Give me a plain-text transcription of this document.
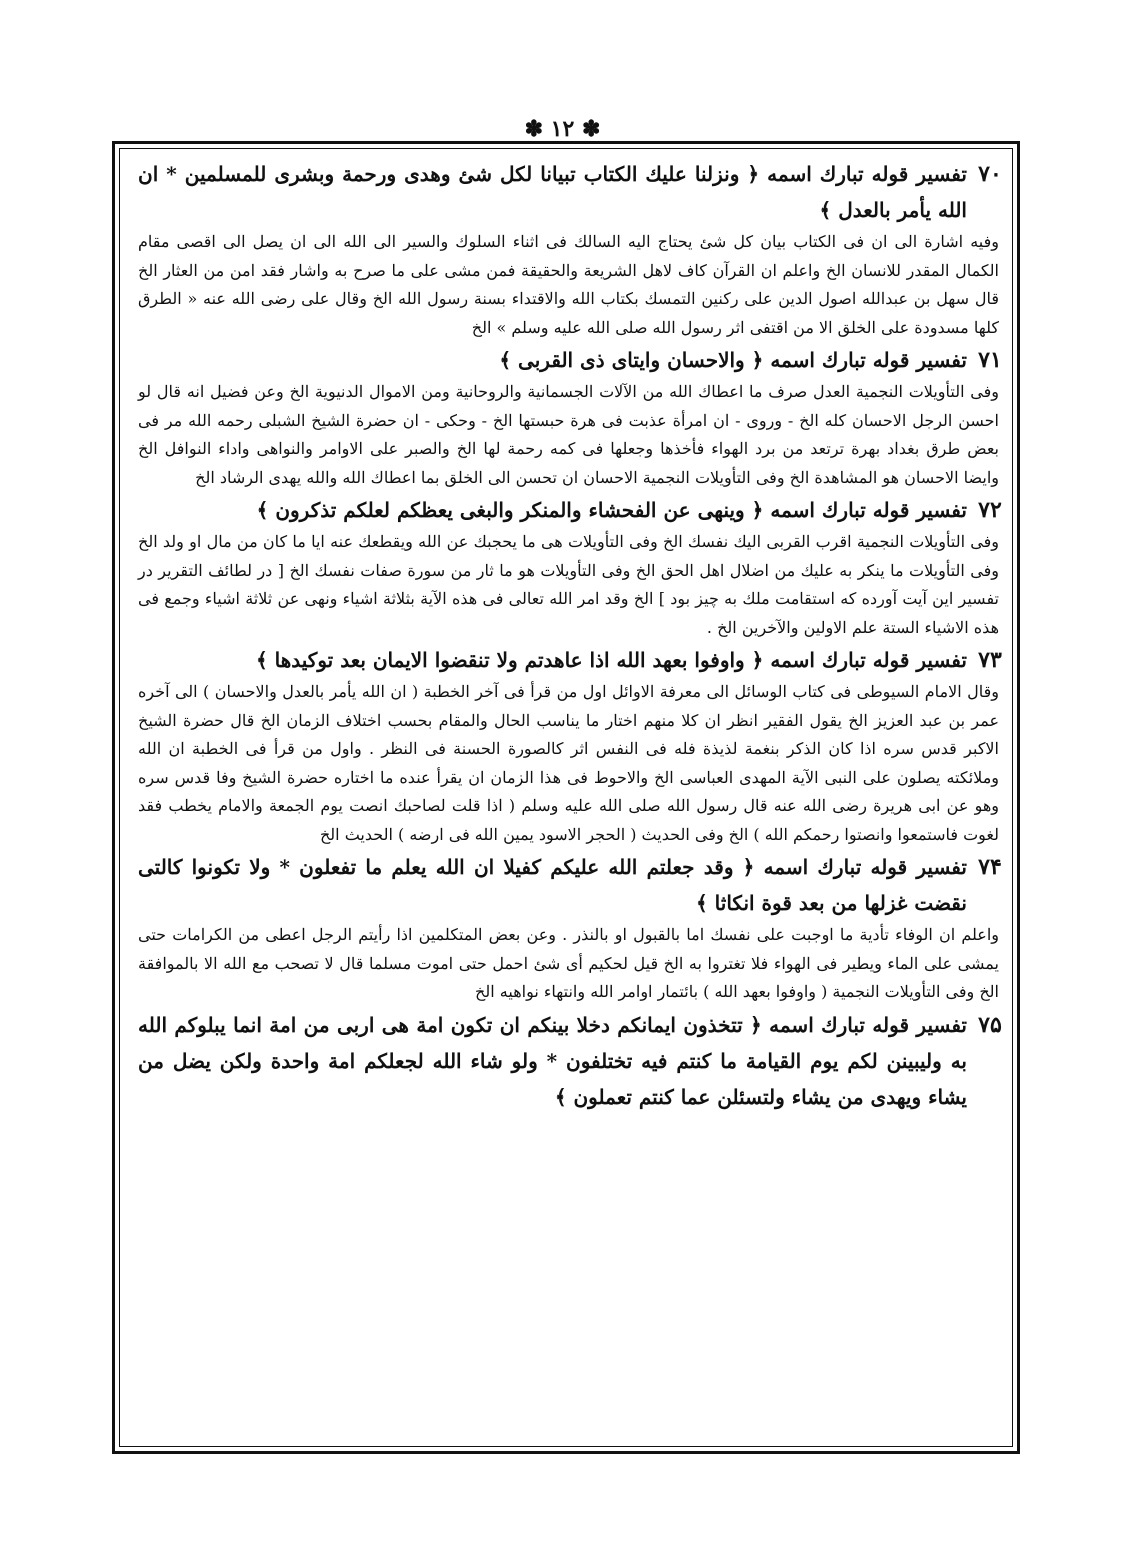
✽ ۱۲ ✽
۷۰
تفسير قوله تبارك اسمه ﴿ ونزلنا عليك الكتاب تبيانا لكل شئ وهدى ورحمة وبشرى للمسلمين * ان الله يأمر بالعدل ﴾
وفيه اشارة الى ان فى الكتاب بيان كل شئ يحتاج اليه السالك فى اثناء السلوك والسير الى الله الى ان يصل الى اقصى مقام الكمال المقدر للانسان الخ واعلم ان القرآن كاف لاهل الشريعة والحقيقة فمن مشى على ما صرح به واشار فقد امن من العثار الخ قال سهل بن عبدالله اصول الدين على ركنين التمسك بكتاب الله والاقتداء بسنة رسول الله الخ وقال على رضى الله عنه « الطرق كلها مسدودة على الخلق الا من اقتفى اثر رسول الله صلى الله عليه وسلم » الخ
۷۱
تفسير قوله تبارك اسمه ﴿ والاحسان وايتاى ذى القربى ﴾
وفى التأويلات النجمية العدل صرف ما اعطاك الله من الآلات الجسمانية والروحانية ومن الاموال الدنيوية الخ وعن فضيل انه قال لو احسن الرجل الاحسان كله الخ - وروى - ان امرأة عذبت فى هرة حبستها الخ - وحكى - ان حضرة الشيخ الشبلى رحمه الله مر فى بعض طرق بغداد بهرة ترتعد من برد الهواء فأخذها وجعلها فى كمه رحمة لها الخ والصبر على الاوامر والنواهى واداء النوافل الخ وايضا الاحسان هو المشاهدة الخ وفى التأويلات النجمية الاحسان ان تحسن الى الخلق بما اعطاك الله والله يهدى الرشاد الخ
۷۲
تفسير قوله تبارك اسمه ﴿ وينهى عن الفحشاء والمنكر والبغى يعظكم لعلكم تذكرون ﴾
وفى التأويلات النجمية اقرب القربى اليك نفسك الخ وفى التأويلات هى ما يحجبك عن الله ويقطعك عنه ايا ما كان من مال او ولد الخ وفى التأويلات ما ينكر به عليك من اضلال اهل الحق الخ وفى التأويلات هو ما ثار من سورة صفات نفسك الخ [ در لطائف التقرير در تفسير اين آيت آورده كه استقامت ملك به چيز بود ] الخ وقد امر الله تعالى فى هذه الآية بثلاثة اشياء ونهى عن ثلاثة اشياء وجمع فى هذه الاشياء الستة علم الاولين والآخرين الخ .
۷۳
تفسير قوله تبارك اسمه ﴿ واوفوا بعهد الله اذا عاهدتم ولا تنقضوا الايمان بعد توكيدها ﴾
وقال الامام السيوطى فى كتاب الوسائل الى معرفة الاوائل اول من قرأ فى آخر الخطبة ( ان الله يأمر بالعدل والاحسان ) الى آخره عمر بن عبد العزيز الخ يقول الفقير انظر ان كلا منهم اختار ما يناسب الحال والمقام بحسب اختلاف الزمان الخ قال حضرة الشيخ الاكبر قدس سره اذا كان الذكر بنغمة لذيذة فله فى النفس اثر كالصورة الحسنة فى النظر . واول من قرأ فى الخطبة ان الله وملائكته يصلون على النبى الآية المهدى العباسى الخ والاحوط فى هذا الزمان ان يقرأ عنده ما اختاره حضرة الشيخ وفا قدس سره وهو عن ابى هريرة رضى الله عنه قال رسول الله صلى الله عليه وسلم ( اذا قلت لصاحبك انصت يوم الجمعة والامام يخطب فقد لغوت فاستمعوا وانصتوا رحمكم الله ) الخ وفى الحديث ( الحجر الاسود يمين الله فى ارضه ) الحديث الخ
۷۴
تفسير قوله تبارك اسمه ﴿ وقد جعلتم الله عليكم كفيلا ان الله يعلم ما تفعلون * ولا تكونوا كالتى نقضت غزلها من بعد قوة انكاثا ﴾
واعلم ان الوفاء تأدية ما اوجبت على نفسك اما بالقبول او بالنذر . وعن بعض المتكلمين اذا رأيتم الرجل اعطى من الكرامات حتى يمشى على الماء ويطير فى الهواء فلا تغتروا به الخ قيل لحكيم أى شئ احمل حتى اموت مسلما قال لا تصحب مع الله الا بالموافقة الخ وفى التأويلات النجمية ( واوفوا بعهد الله ) بائتمار اوامر الله وانتهاء نواهيه الخ
۷۵
تفسير قوله تبارك اسمه ﴿ تتخذون ايمانكم دخلا بينكم ان تكون امة هى اربى من امة انما يبلوكم الله به وليبينن لكم يوم القيامة ما كنتم فيه تختلفون * ولو شاء الله لجعلكم امة واحدة ولكن يضل من يشاء ويهدى من يشاء ولتسئلن عما كنتم تعملون ﴾
